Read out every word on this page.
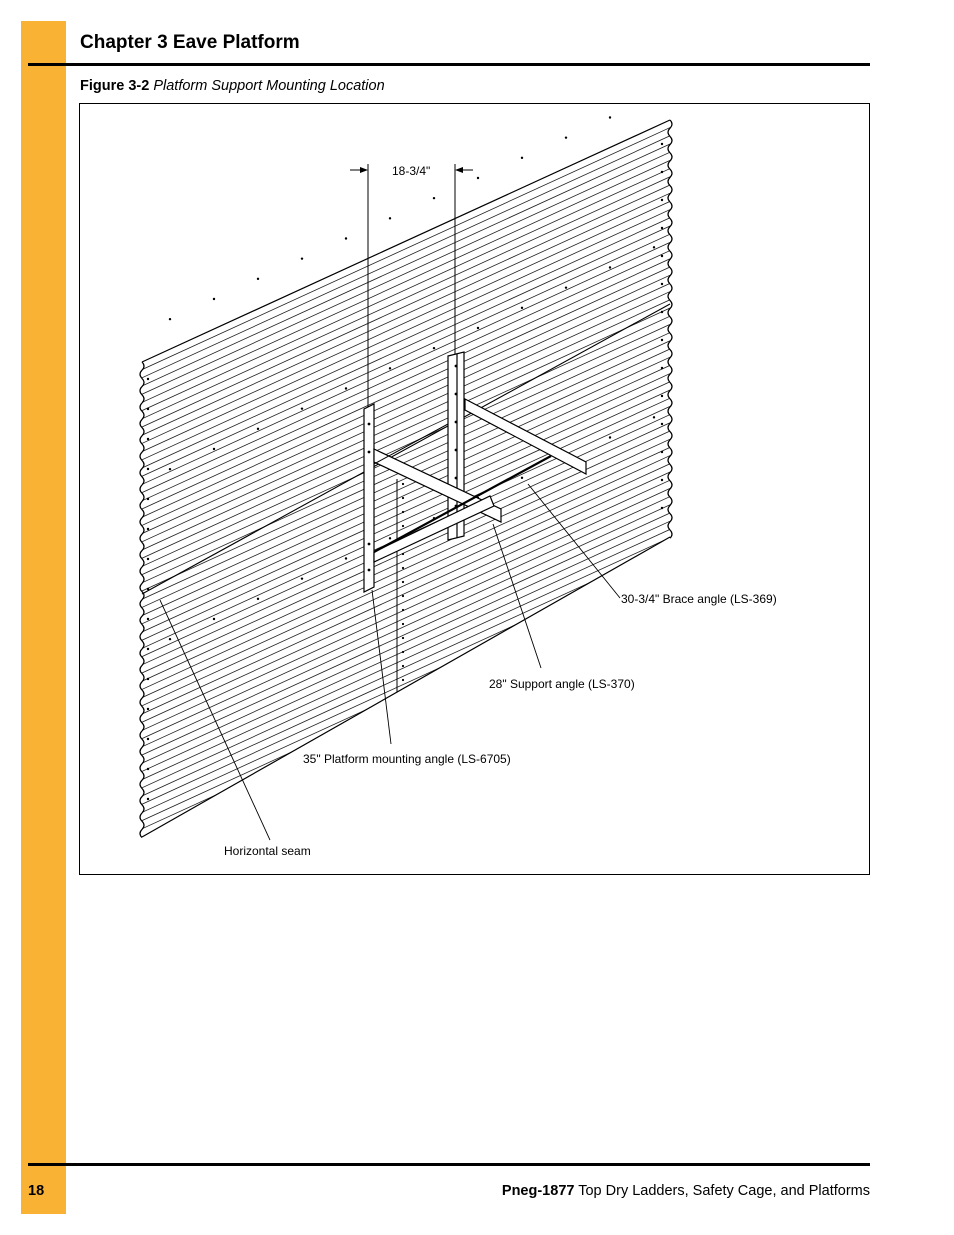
Chapter 3 Eave Platform
Figure 3-2 Platform Support Mounting Location
18-3/4"
30-3/4" Brace angle (LS-369)
28" Support angle (LS-370)
35" Platform mounting angle (LS-6705)
Horizontal seam
18	Pneg-1877 Top Dry Ladders, Safety Cage, and Platforms
